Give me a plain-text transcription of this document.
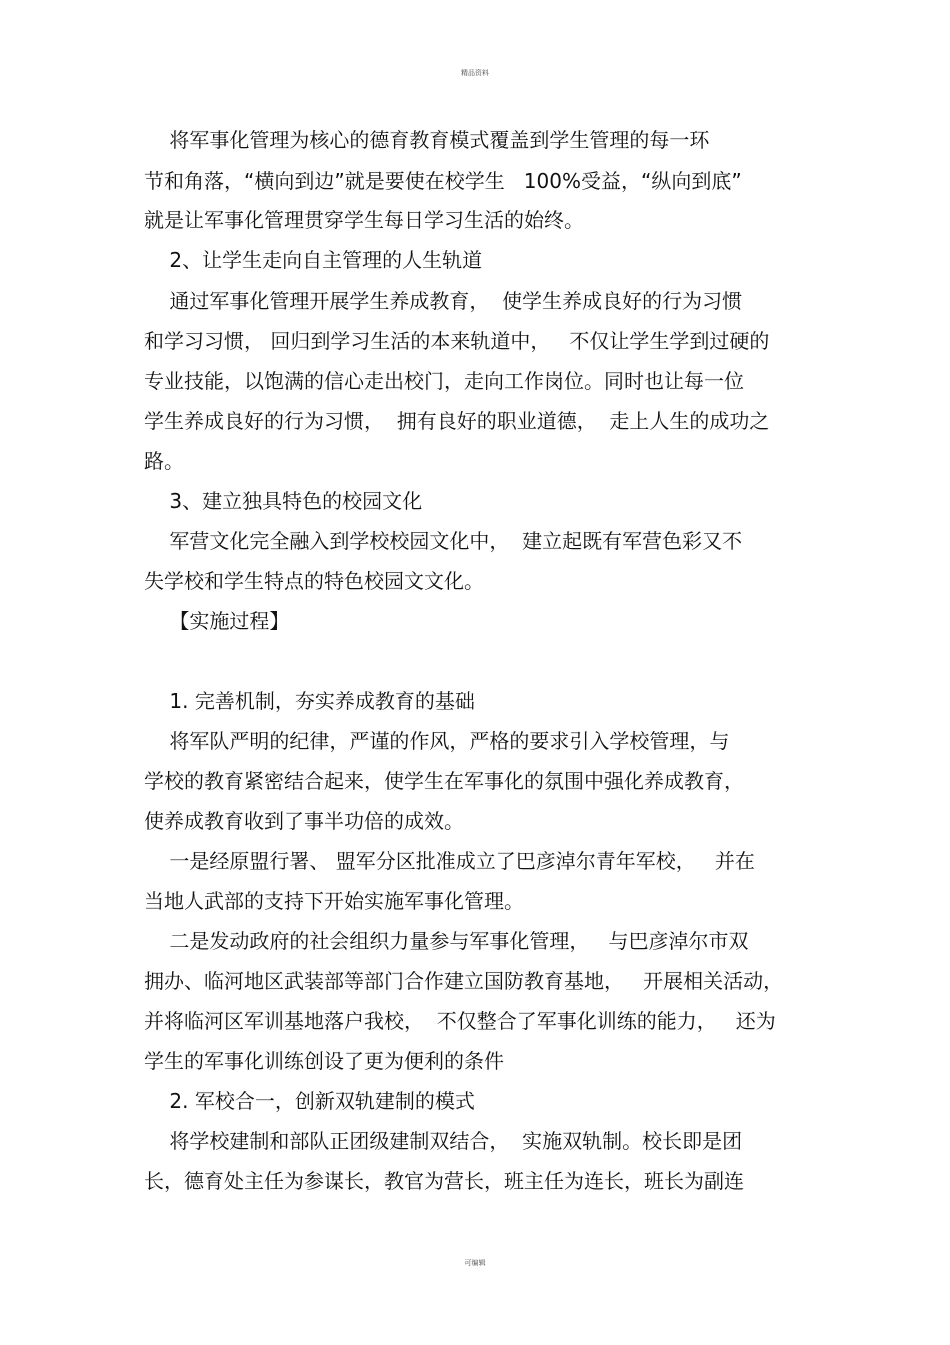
精品资料
将军事化管理为核心的德育教育模式覆盖到学生管理的每一环
节和角落，“横向到边”就是要使在校学生   100%受益，“纵向到底”
就是让军事化管理贯穿学生每日学习生活的始终。
2、让学生走向自主管理的人生轨道
通过军事化管理开展学生养成教育，  使学生养成良好的行为习惯
和学习习惯， 回归到学习生活的本来轨道中，   不仅让学生学到过硬的
专业技能，以饱满的信心走出校门，走向工作岗位。同时也让每一位
学生养成良好的行为习惯，  拥有良好的职业道德，  走上人生的成功之
路。
3、建立独具特色的校园文化
军营文化完全融入到学校校园文化中，  建立起既有军营色彩又不
失学校和学生特点的特色校园文文化。
【实施过程】
1. 完善机制，夯实养成教育的基础
将军队严明的纪律，严谨的作风，严格的要求引入学校管理，与
学校的教育紧密结合起来，使学生在军事化的氛围中强化养成教育，
使养成教育收到了事半功倍的成效。
一是经原盟行署、 盟军分区批准成立了巴彦淖尔青年军校，   并在
当地人武部的支持下开始实施军事化管理。
二是发动政府的社会组织力量参与军事化管理，   与巴彦淖尔市双
拥办、临河地区武装部等部门合作建立国防教育基地，   开展相关活动，
并将临河区军训基地落户我校，  不仅整合了军事化训练的能力，   还为
学生的军事化训练创设了更为便利的条件
2. 军校合一，创新双轨建制的模式
将学校建制和部队正团级建制双结合，  实施双轨制。校长即是团
长，德育处主任为参谋长，教官为营长，班主任为连长，班长为副连
可编辑
